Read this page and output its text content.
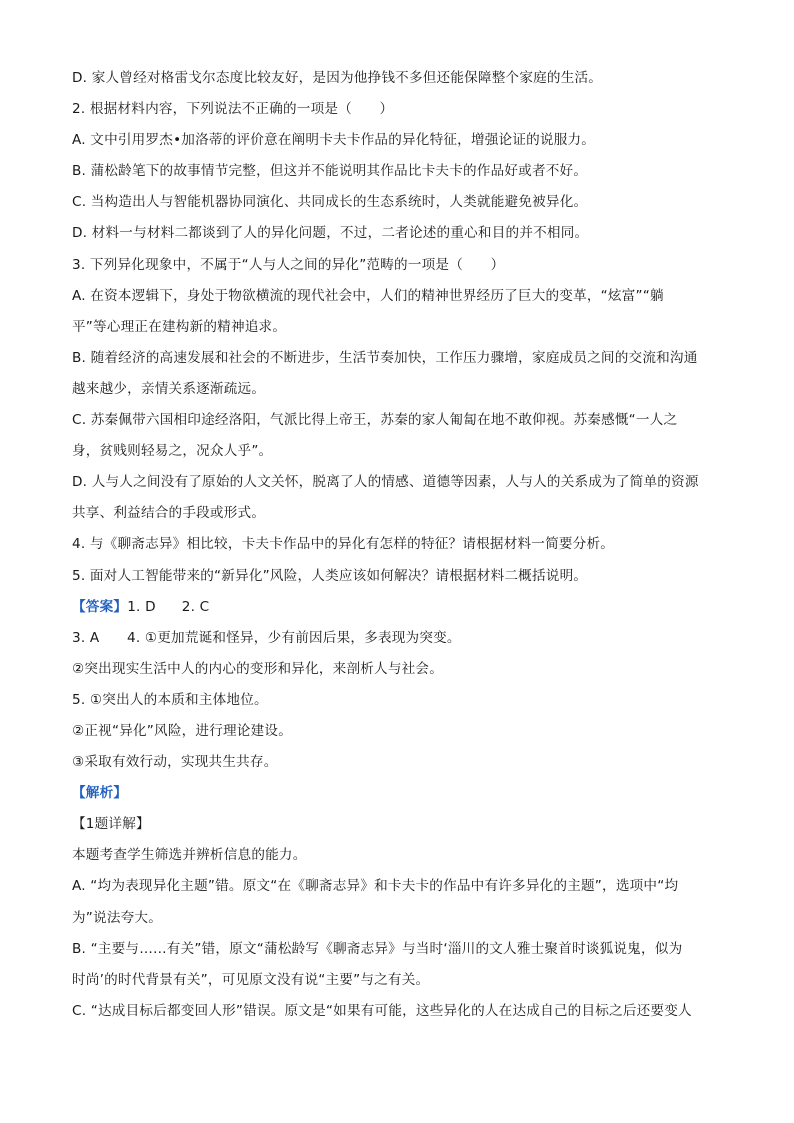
D. 家人曾经对格雷戈尔态度比较友好，是因为他挣钱不多但还能保障整个家庭的生活。
2. 根据材料内容，下列说法不正确的一项是（　　）
A. 文中引用罗杰•加洛蒂的评价意在阐明卡夫卡作品的异化特征，增强论证的说服力。
B. 蒲松龄笔下的故事情节完整，但这并不能说明其作品比卡夫卡的作品好或者不好。
C. 当构造出人与智能机器协同演化、共同成长的生态系统时，人类就能避免被异化。
D. 材料一与材料二都谈到了人的异化问题，不过，二者论述的重心和目的并不相同。
3. 下列异化现象中，不属于“人与人之间的异化”范畴的一项是（　　）
A. 在资本逻辑下，身处于物欲横流的现代社会中，人们的精神世界经历了巨大的变革，“炫富”“躺
平”等心理正在建构新的精神追求。
B. 随着经济的高速发展和社会的不断进步，生活节奏加快，工作压力骤增，家庭成员之间的交流和沟通
越来越少，亲情关系逐渐疏远。
C. 苏秦佩带六国相印途经洛阳，气派比得上帝王，苏秦的家人匍匐在地不敢仰视。苏秦感慨“一人之
身，贫贱则轻易之，况众人乎”。
D. 人与人之间没有了原始的人文关怀，脱离了人的情感、道德等因素，人与人的关系成为了简单的资源
共享、利益结合的手段或形式。
4. 与《聊斋志异》相比较，卡夫卡作品中的异化有怎样的特征？请根据材料一简要分析。
5. 面对人工智能带来的“新异化”风险，人类应该如何解决？请根据材料二概括说明。
【答案】1. D 2. C
3. A　　4. ①更加荒诞和怪异，少有前因后果，多表现为突变。
②突出现实生活中人的内心的变形和异化，来剖析人与社会。
5. ①突出人的本质和主体地位。
②正视“异化”风险，进行理论建设。
③采取有效行动，实现共生共存。
【解析】
【1题详解】
本题考查学生筛选并辨析信息的能力。
A. “均为表现异化主题”错。原文“在《聊斋志异》和卡夫卡的作品中有许多异化的主题”，选项中“均
为”说法夸大。
B. “主要与……有关”错，原文“蒲松龄写《聊斋志异》与当时‘淄川的文人雅士聚首时谈狐说鬼，似为
时尚’的时代背景有关”，可见原文没有说“主要”与之有关。
C. “达成目标后都变回人形”错误。原文是“如果有可能，这些异化的人在达成自己的目标之后还要变人
